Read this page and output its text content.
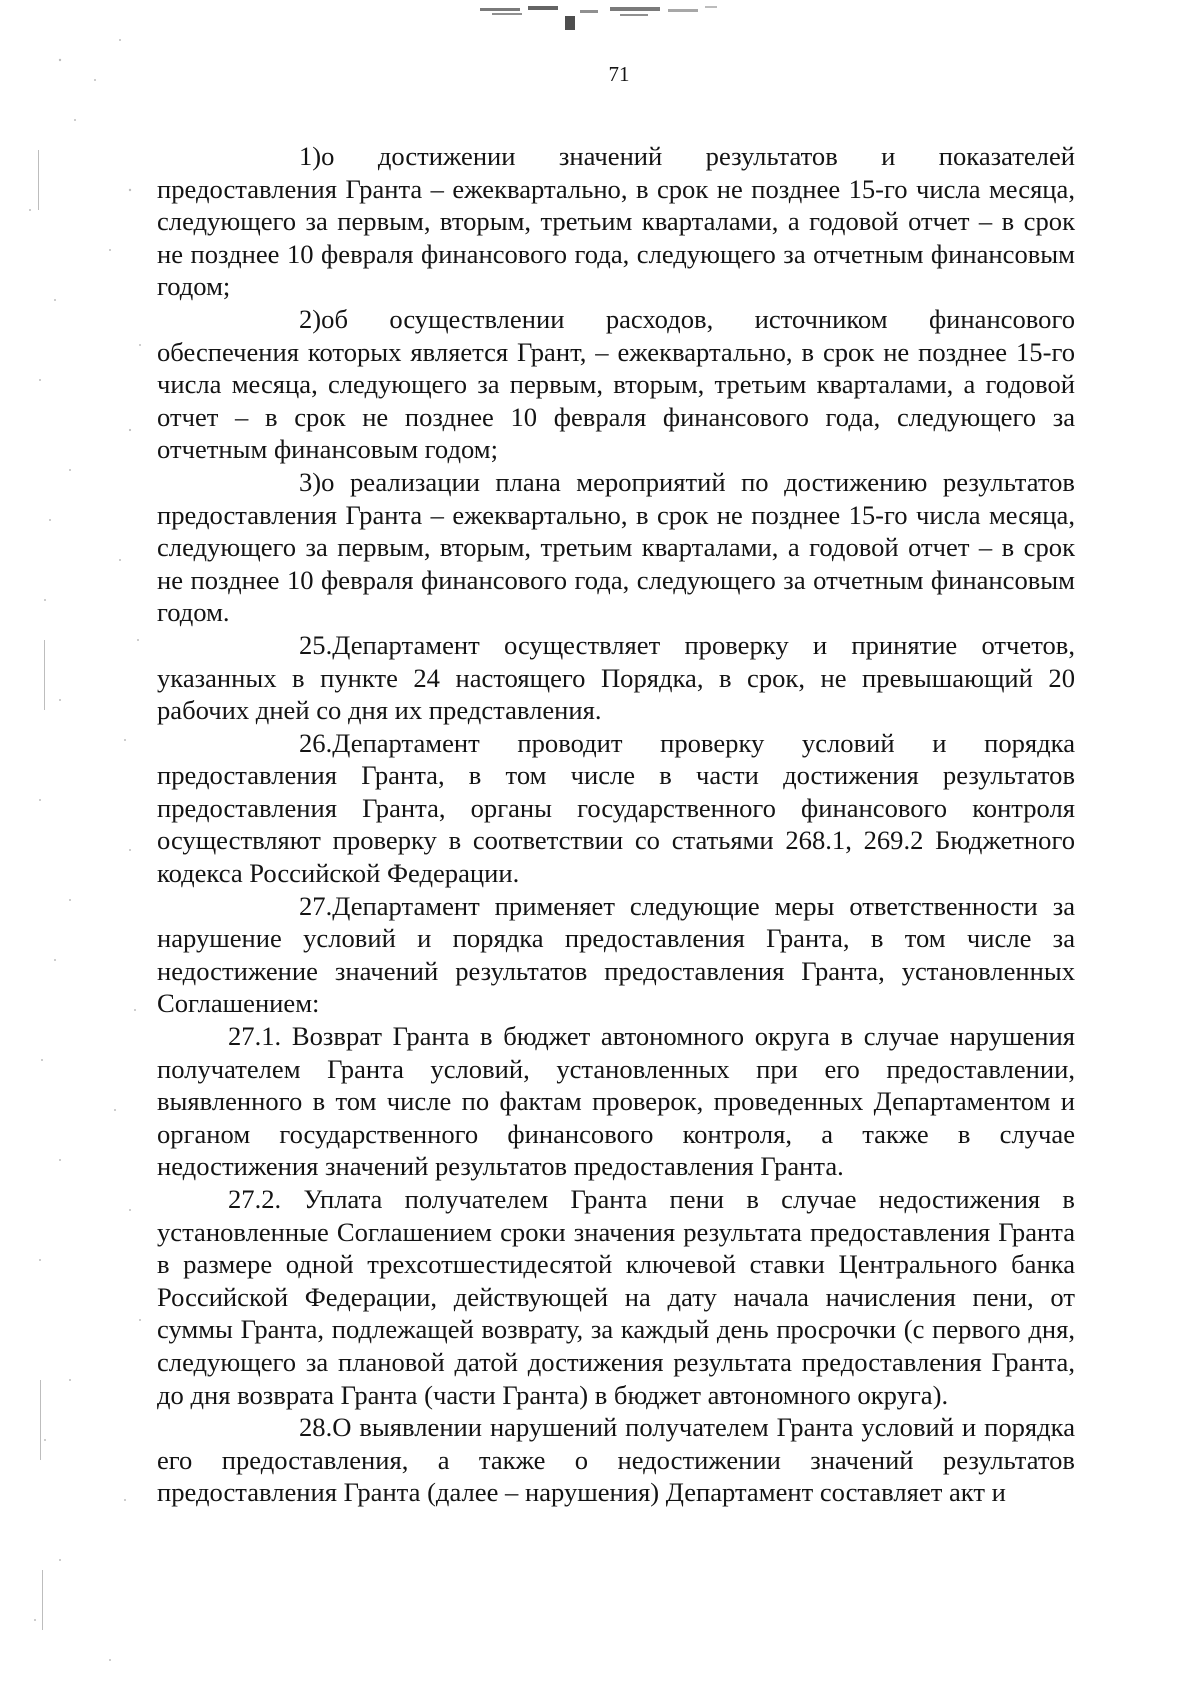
71

1)о достижении значений результатов и показателей предоставления Гранта – ежеквартально, в срок не позднее 15-го числа месяца, следующего за первым, вторым, третьим кварталами, а годовой отчет – в срок не позднее 10 февраля финансового года, следующего за отчетным финансовым годом;

2)об осуществлении расходов, источником финансового обеспечения которых является Грант, – ежеквартально, в срок не позднее 15-го числа месяца, следующего за первым, вторым, третьим кварталами, а годовой отчет – в срок не позднее 10 февраля финансового года, следующего за отчетным финансовым годом;

3)о реализации плана мероприятий по достижению результатов предоставления Гранта – ежеквартально, в срок не позднее 15-го числа месяца, следующего за первым, вторым, третьим кварталами, а годовой отчет – в срок не позднее 10 февраля финансового года, следующего за отчетным финансовым годом.

25.Департамент осуществляет проверку и принятие отчетов, указанных в пункте 24 настоящего Порядка, в срок, не превышающий 20 рабочих дней со дня их представления.

26.Департамент проводит проверку условий и порядка предоставления Гранта, в том числе в части достижения результатов предоставления Гранта, органы государственного финансового контроля осуществляют проверку в соответствии со статьями 268.1, 269.2 Бюджетного кодекса Российской Федерации.

27.Департамент применяет следующие меры ответственности за нарушение условий и порядка предоставления Гранта, в том числе за недостижение значений результатов предоставления Гранта, установленных Соглашением:

27.1. Возврат Гранта в бюджет автономного округа в случае нарушения получателем Гранта условий, установленных при его предоставлении, выявленного в том числе по фактам проверок, проведенных Департаментом и органом государственного финансового контроля, а также в случае недостижения значений результатов предоставления Гранта.

27.2. Уплата получателем Гранта пени в случае недостижения в установленные Соглашением сроки значения результата предоставления Гранта в размере одной трехсотшестидесятой ключевой ставки Центрального банка Российской Федерации, действующей на дату начала начисления пени, от суммы Гранта, подлежащей возврату, за каждый день просрочки (с первого дня, следующего за плановой датой достижения результата предоставления Гранта, до дня возврата Гранта (части Гранта) в бюджет автономного округа).

28.О выявлении нарушений получателем Гранта условий и порядка его предоставления, а также о недостижении значений результатов предоставления Гранта (далее – нарушения) Департамент составляет акт и
